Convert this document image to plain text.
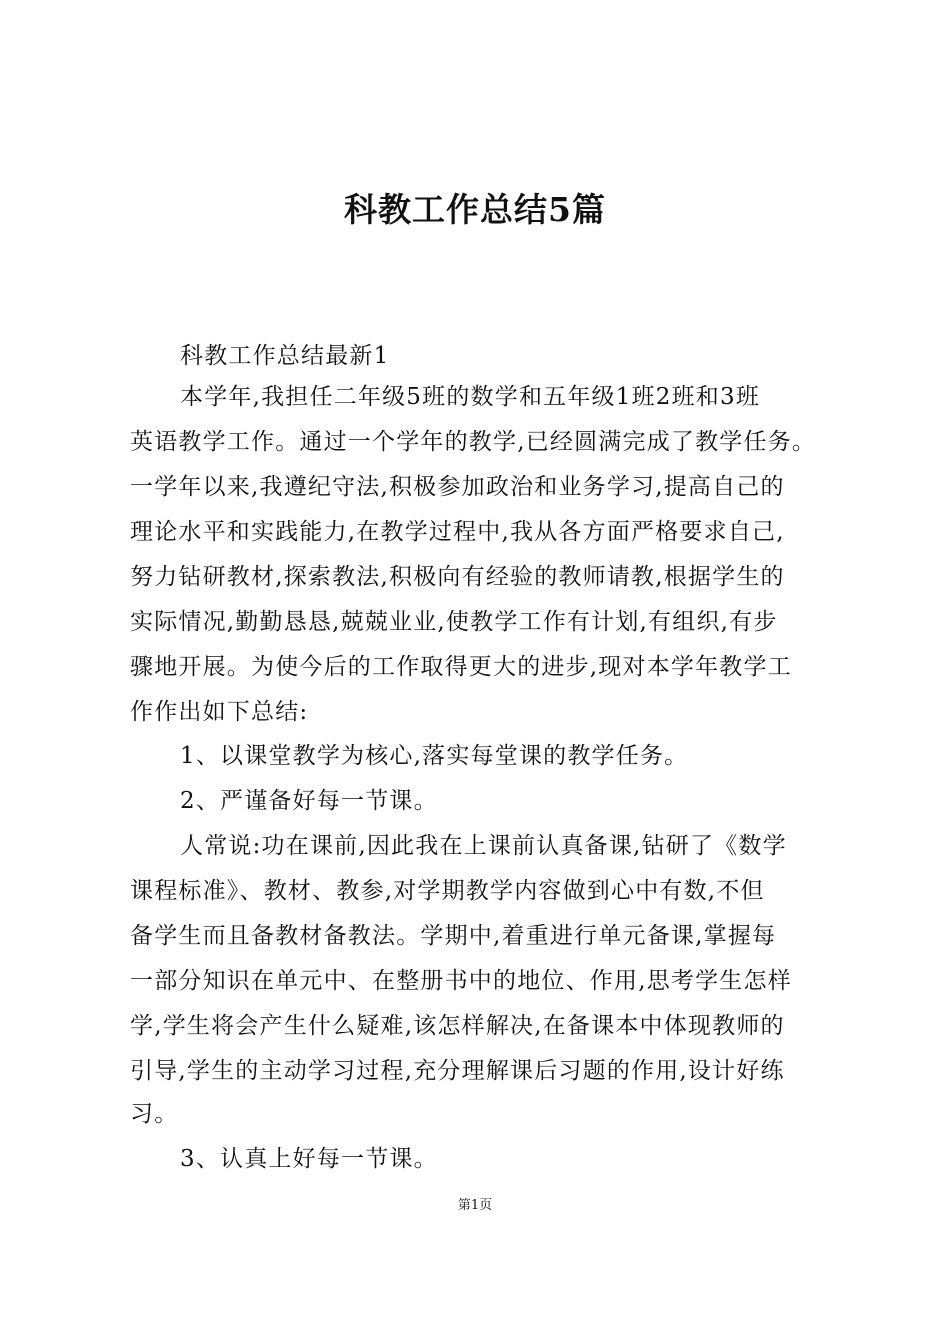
科教工作总结5篇
科教工作总结最新1
本学年,我担任二年级5班的数学和五年级1班2班和3班
英语教学工作。通过一个学年的教学,已经圆满完成了教学任务。
一学年以来,我遵纪守法,积极参加政治和业务学习,提高自己的
理论水平和实践能力,在教学过程中,我从各方面严格要求自己,
努力钻研教材,探索教法,积极向有经验的教师请教,根据学生的
实际情况,勤勤恳恳,兢兢业业,使教学工作有计划,有组织,有步
骤地开展。为使今后的工作取得更大的进步,现对本学年教学工
作作出如下总结:
1、以课堂教学为核心,落实每堂课的教学任务。
2、严谨备好每一节课。
人常说:功在课前,因此我在上课前认真备课,钻研了《数学
课程标准》、教材、教参,对学期教学内容做到心中有数,不但
备学生而且备教材备教法。学期中,着重进行单元备课,掌握每
一部分知识在单元中、在整册书中的地位、作用,思考学生怎样
学,学生将会产生什么疑难,该怎样解决,在备课本中体现教师的
引导,学生的主动学习过程,充分理解课后习题的作用,设计好练
习。
3、认真上好每一节课。
第1页
